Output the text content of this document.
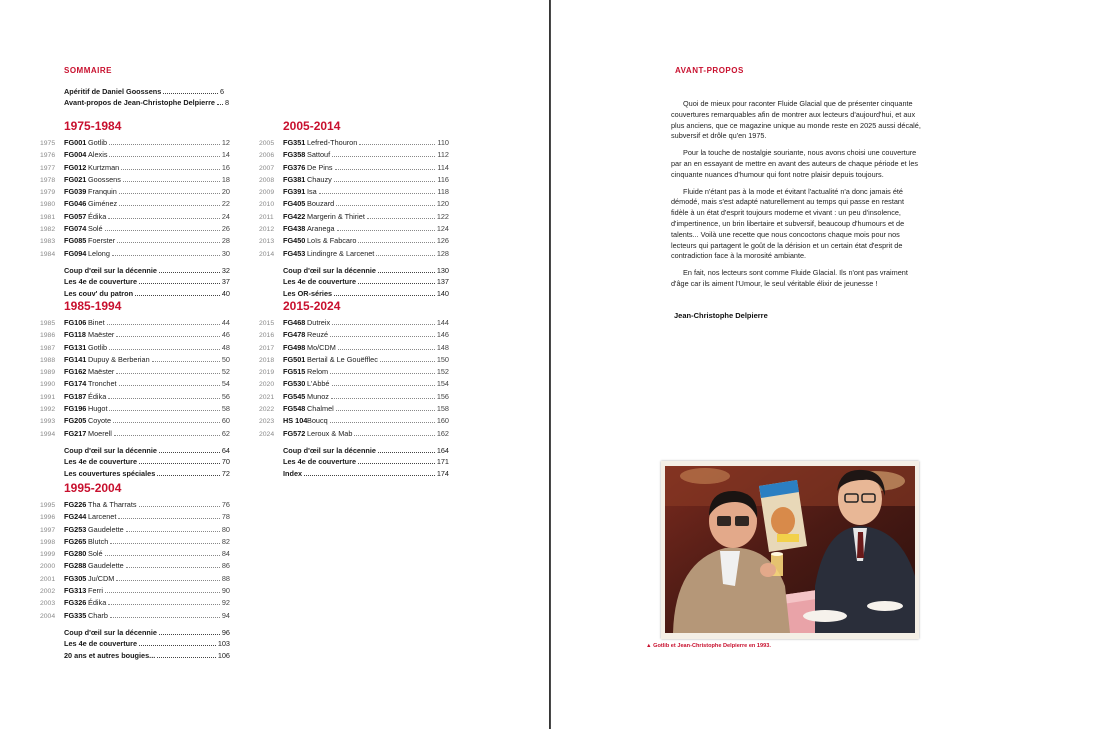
SOMMAIRE
Apéritif de Daniel Goossens	6
Avant-propos de Jean-Christophe Delpierre 8
1975-1984
1975	FG001 Gotlib	12
1976	FG004 Alexis	14
1977	FG012 Kurtzman	16
1978	FG021 Goossens	18
1979	FG039 Franquin	20
1980	FG046 Giménez	22
1981	FG057 Édika	24
1982	FG074 Solé	26
1983	FG085 Foerster	28
1984	FG094 Lelong	30
Coup d'œil sur la décennie	32
Les 4e de couverture	37
Les couv' du patron	40
1985-1994
1985	FG106 Binet	44
1986	FG118 Maëster	46
1987	FG131 Gotlib	48
1988	FG141 Dupuy & Berberian	50
1989	FG162 Maëster	52
1990	FG174 Tronchet	54
1991	FG187 Édika	56
1992	FG196 Hugot	58
1993	FG205 Coyote	60
1994	FG217 Moerell	62
Coup d'œil sur la décennie	64
Les 4e de couverture	70
Les couvertures spéciales	72
1995-2004
1995	FG226 Tha & Tharrats	76
1996	FG244 Larcenet	78
1997	FG253 Gaudelette	80
1998	FG265 Blutch	82
1999	FG280 Solé	84
2000	FG288 Gaudelette	86
2001	FG305 Ju/CDM	88
2002	FG313 Ferri	90
2003	FG326 Édika	92
2004	FG335 Charb	94
Coup d'œil sur la décennie	96
Les 4e de couverture	103
20 ans et autres bougies...	106
2005-2014
2005	FG351 Lefred-Thouron	110
2006	FG358 Sattouf	112
2007	FG376 De Pins	114
2008	FG381 Chauzy	116
2009	FG391 Isa	118
2010	FG405 Bouzard	120
2011	FG422 Margerin & Thiriet	122
2012	FG438 Aranega	124
2013	FG450 Loïs & Fabcaro	126
2014	FG453 Lindingre & Larcenet	128
Coup d'œil sur la décennie	130
Les 4e de couverture	137
Les OR-séries	140
2015-2024
2015	FG468 Dutreix	144
2016	FG478 Reuzé	146
2017	FG498 Mo/CDM	148
2018	FG501 Bertail & Le Gouëfflec	150
2019	FG515 Relom	152
2020	FG530 L'Abbé	154
2021	FG545 Munoz	156
2022	FG548 Chalmel	158
2023	HS 104 Boucq	160
2024	FG572 Leroux & Mab	162
Coup d'œil sur la décennie	164
Les 4e de couverture	171
Index	174
AVANT-PROPOS

Quoi de mieux pour raconter Fluide Glacial que de présenter cinquante couvertures remarquables afin de montrer aux lecteurs d'aujourd'hui, et aux plus anciens, que ce magazine unique au monde reste en 2025 aussi décalé, subversif et drôle qu'en 1975.

Pour la touche de nostalgie souriante, nous avons choisi une couverture par an en essayant de mettre en avant des auteurs de chaque période et les cinquante nuances d'humour qui font notre plaisir depuis toujours.

Fluide n'étant pas à la mode et évitant l'actualité n'a donc jamais été démodé, mais s'est adapté naturellement au temps qui passe en restant fidèle à un état d'esprit toujours moderne et vivant : un peu d'insolence, d'impertinence, un brin libertaire et subversif, beaucoup d'humours et de talents... Voilà une recette que nous concoctons chaque mois pour nos lecteurs qui partagent le goût de la dérision et un certain état d'esprit de contradiction face à la morosité ambiante.

En fait, nos lecteurs sont comme Fluide Glacial. Ils n'ont pas vraiment d'âge car ils aiment l'Umour, le seul véritable élixir de jeunesse !

Jean-Christophe Delpierre
▲ Gotlib et Jean-Christophe Delpierre en 1993.
